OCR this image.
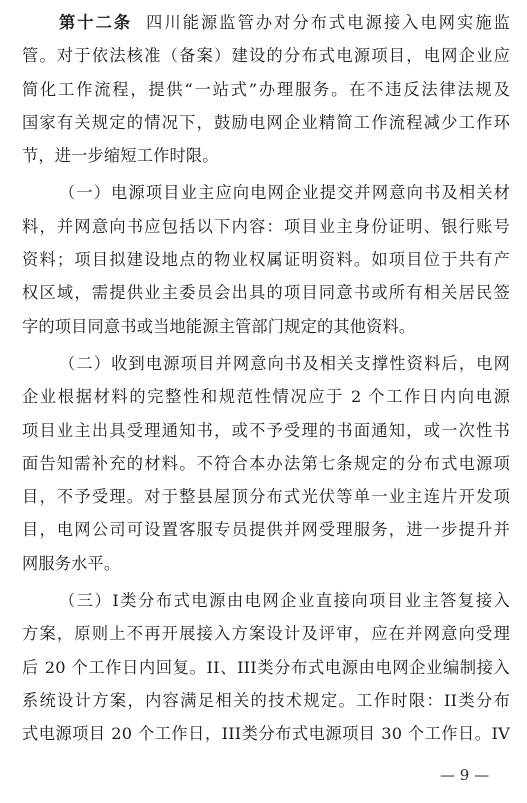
第十二条 四川能源监管办对分布式电源接入电网实施监
管。对于依法核准（备案）建设的分布式电源项目，电网企业应
简化工作流程，提供“一站式”办理服务。在不违反法律法规及
国家有关规定的情况下，鼓励电网企业精简工作流程减少工作环
节，进一步缩短工作时限。
（一）电源项目业主应向电网企业提交并网意向书及相关材
料，并网意向书应包括以下内容：项目业主身份证明、银行账号
资料；项目拟建设地点的物业权属证明资料。如项目位于共有产
权区域，需提供业主委员会出具的项目同意书或所有相关居民签
字的项目同意书或当地能源主管部门规定的其他资料。
（二）收到电源项目并网意向书及相关支撑性资料后，电网
企业根据材料的完整性和规范性情况应于 2 个工作日内向电源
项目业主出具受理通知书，或不予受理的书面通知，或一次性书
面告知需补充的材料。不符合本办法第七条规定的分布式电源项
目，不予受理。对于整县屋顶分布式光伏等单一业主连片开发项
目，电网公司可设置客服专员提供并网受理服务，进一步提升并
网服务水平。
（三）I类分布式电源由电网企业直接向项目业主答复接入
方案，原则上不再开展接入方案设计及评审，应在并网意向受理
后 20 个工作日内回复。II、III类分布式电源由电网企业编制接入
系统设计方案，内容满足相关的技术规定。工作时限：II类分布
式电源项目 20 个工作日，III类分布式电源项目 30 个工作日。IV
— 9 —
